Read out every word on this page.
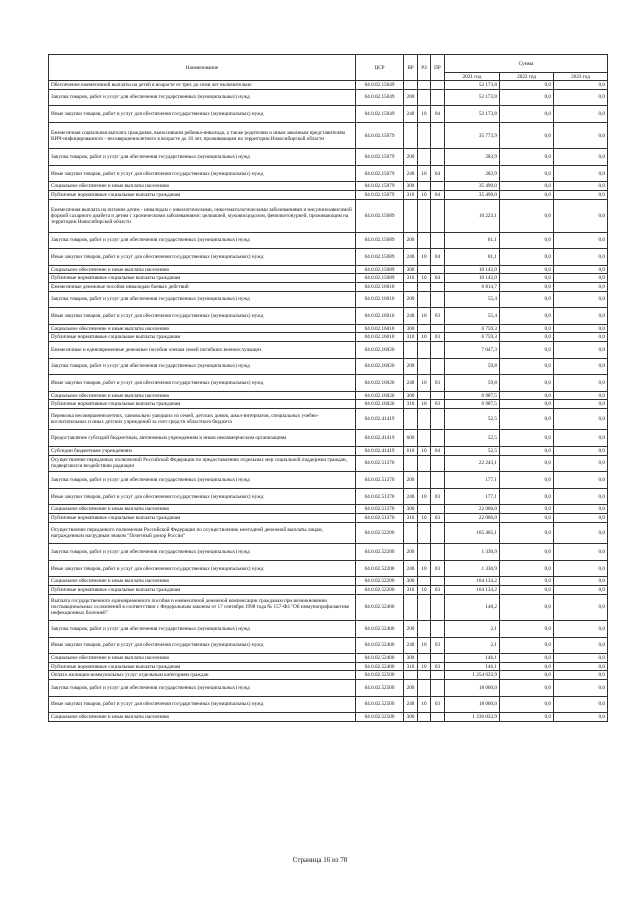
Наименование	ЦСР	ВР	РЗ	ПР	Сумма		
					2021 год	2022 год	2023 год
Обеспечение ежемесячной выплаты на детей в возрасте от трех до семи лет включительно	04.0.02.15049				52 173,8	0,0	0,0
Закупка товаров, работ и услуг для обеспечения государственных (муниципальных) нужд	04.0.02.15049	200			52 173,8	0,0	0,0
Иные закупки товаров, работ и услуг для обеспечения государственных (муниципальных) нужд	04.0.02.15049	240	10	04	52 173,8	0,0	0,0
Ежемесячная социальная выплата гражданам, выносившим ребенка-инвалида, а также родителям и иным законным представителям ВИЧ-инфицированного - несовершеннолетнего в возрасте до 18 лет, проживающим на территории Новосибирской области	04.0.02.15079				35 773,9	0,0	0,0
Закупка товаров, работ и услуг для обеспечения государственных (муниципальных) нужд	04.0.02.15079	200			283,9	0,0	0,0
Иные закупки товаров, работ и услуг для обеспечения государственных (муниципальных) нужд	04.0.02.15079	240	10	04	283,9	0,0	0,0
Социальное обеспечение и иные выплаты населению	04.0.02.15079	300			35 490,0	0,0	0,0
Публичные нормативные социальные выплаты гражданам	04.0.02.15079	310	10	04	35 490,0	0,0	0,0
Ежемесячная выплата на питание детям - инвалидам с онкологическими, онкогематологическими заболеваниями и инсулинозависимой формой сахарного диабета и детям с хроническими заболеваниями: целиакией, муковисцидозом, фенилкетонурией, проживающим на территории Новосибирской области	04.0.02.15089				10 223,1	0,0	0,0
Закупка товаров, работ и услуг для обеспечения государственных (муниципальных) нужд	04.0.02.15089	200			81,1	0,0	0,0
Иные закупки товаров, работ и услуг для обеспечения государственных (муниципальных) нужд	04.0.02.15089	240	10	04	81,1	0,0	0,0
Социальное обеспечение и иные выплаты населению	04.0.02.15089	300			10 142,0	0,0	0,0
Публичные нормативные социальные выплаты гражданам	04.0.02.15089	310	10	04	10 142,0	0,0	0,0
Ежемесячные денежные пособия инвалидам боевых действий	04.0.02.16010				6 814,7	0,0	0,0
Закупка товаров, работ и услуг для обеспечения государственных (муниципальных) нужд	04.0.02.16010	200			55,4	0,0	0,0
Иные закупки товаров, работ и услуг для обеспечения государственных (муниципальных) нужд	04.0.02.16010	240	10	03	55,4	0,0	0,0
Социальное обеспечение и иные выплаты населению	04.0.02.16010	300			6 759,3	0,0	0,0
Публичные нормативные социальные выплаты гражданам	04.0.02.16010	310	10	03	6 759,3	0,0	0,0
Ежемесячные и единовременные денежные пособия членам семей погибших военнослужащих	04.0.02.16020				7 047,3	0,0	0,0
Закупка товаров, работ и услуг для обеспечения государственных (муниципальных) нужд	04.0.02.16020	200			59,8	0,0	0,0
Иные закупки товаров, работ и услуг для обеспечения государственных (муниципальных) нужд	04.0.02.16020	240	10	03	59,8	0,0	0,0
Социальное обеспечение и иные выплаты населению	04.0.02.16020	300			6 987,5	0,0	0,0
Публичные нормативные социальные выплаты гражданам	04.0.02.16020	310	10	03	6 987,5	0,0	0,0
Перевозка несовершеннолетних, самовольно ушедших из семей, детских домов, школ-интернатов, специальных учебно-воспитательных и иных детских учреждений за счет средств областного бюджета	04.0.02.41419				52,5	0,0	0,0
Предоставление субсидий бюджетным, автономным учреждениям и иным некоммерческим организациям	04.0.02.41419	600			52,5	0,0	0,0
Субсидии бюджетным учреждениям	04.0.02.41419	610	10	04	52,5	0,0	0,0
Осуществление переданных полномочий Российской Федерации по предоставлению отдельных мер социальной поддержки граждан, подвергшихся воздействию радиации	04.0.02.51370				22 243,1	0,0	0,0
Закупка товаров, работ и услуг для обеспечения государственных (муниципальных) нужд	04.0.02.51370	200			177,1	0,0	0,0
Иные закупки товаров, работ и услуг для обеспечения государственных (муниципальных) нужд	04.0.02.51370	240	10	03	177,1	0,0	0,0
Социальное обеспечение и иные выплаты населению	04.0.02.51370	300			22 066,0	0,0	0,0
Публичные нормативные социальные выплаты гражданам	04.0.02.51370	310	10	03	22 066,0	0,0	0,0
Осуществление переданного полномочия Российской Федерации по осуществлению ежегодной денежной выплаты лицам, награжденным нагрудным знаком "Почетный донор России"	04.0.02.52200				165 465,1	0,0	0,0
Закупка товаров, работ и услуг для обеспечения государственных (муниципальных) нужд	04.0.02.52200	200			1 330,9	0,0	0,0
Иные закупки товаров, работ и услуг для обеспечения государственных (муниципальных) нужд	04.0.02.52200	240	10	03	1 330,9	0,0	0,0
Социальное обеспечение и иные выплаты населению	04.0.02.52200	300			164 134,2	0,0	0,0
Публичные нормативные социальные выплаты гражданам	04.0.02.52200	310	10	03	164 134,2	0,0	0,0
Выплата государственного единовременного пособия и ежемесячной денежной компенсации гражданам при возникновении поствакцинальных осложнений в соответствии с Федеральным законом от 17 сентября 1998 года № 157-ФЗ "Об иммунопрофилактике инфекционных болезней"	04.0.02.52400				148,2	0,0	0,0
Закупка товаров, работ и услуг для обеспечения государственных (муниципальных) нужд	04.0.02.52400	200			2,1	0,0	0,0
Иные закупки товаров, работ и услуг для обеспечения государственных (муниципальных) нужд	04.0.02.52400	240	10	03	2,1	0,0	0,0
Социальное обеспечение и иные выплаты населению	04.0.02.52400	300			146,1	0,0	0,0
Публичные нормативные социальные выплаты гражданам	04.0.02.52400	310	10	03	146,1	0,0	0,0
Оплата жилищно-коммунальных услуг отдельным категориям граждан	04.0.02.52500				1 254 033,9	0,0	0,0
Закупка товаров, работ и услуг для обеспечения государственных (муниципальных) нужд	04.0.02.52500	200			18 000,0	0,0	0,0
Иные закупки товаров, работ и услуг для обеспечения государственных (муниципальных) нужд	04.0.02.52500	240	10	03	18 000,0	0,0	0,0
Социальное обеспечение и иные выплаты населению	04.0.02.52500	300			1 236 033,9	0,0	0,0
Страница 16 из 78
